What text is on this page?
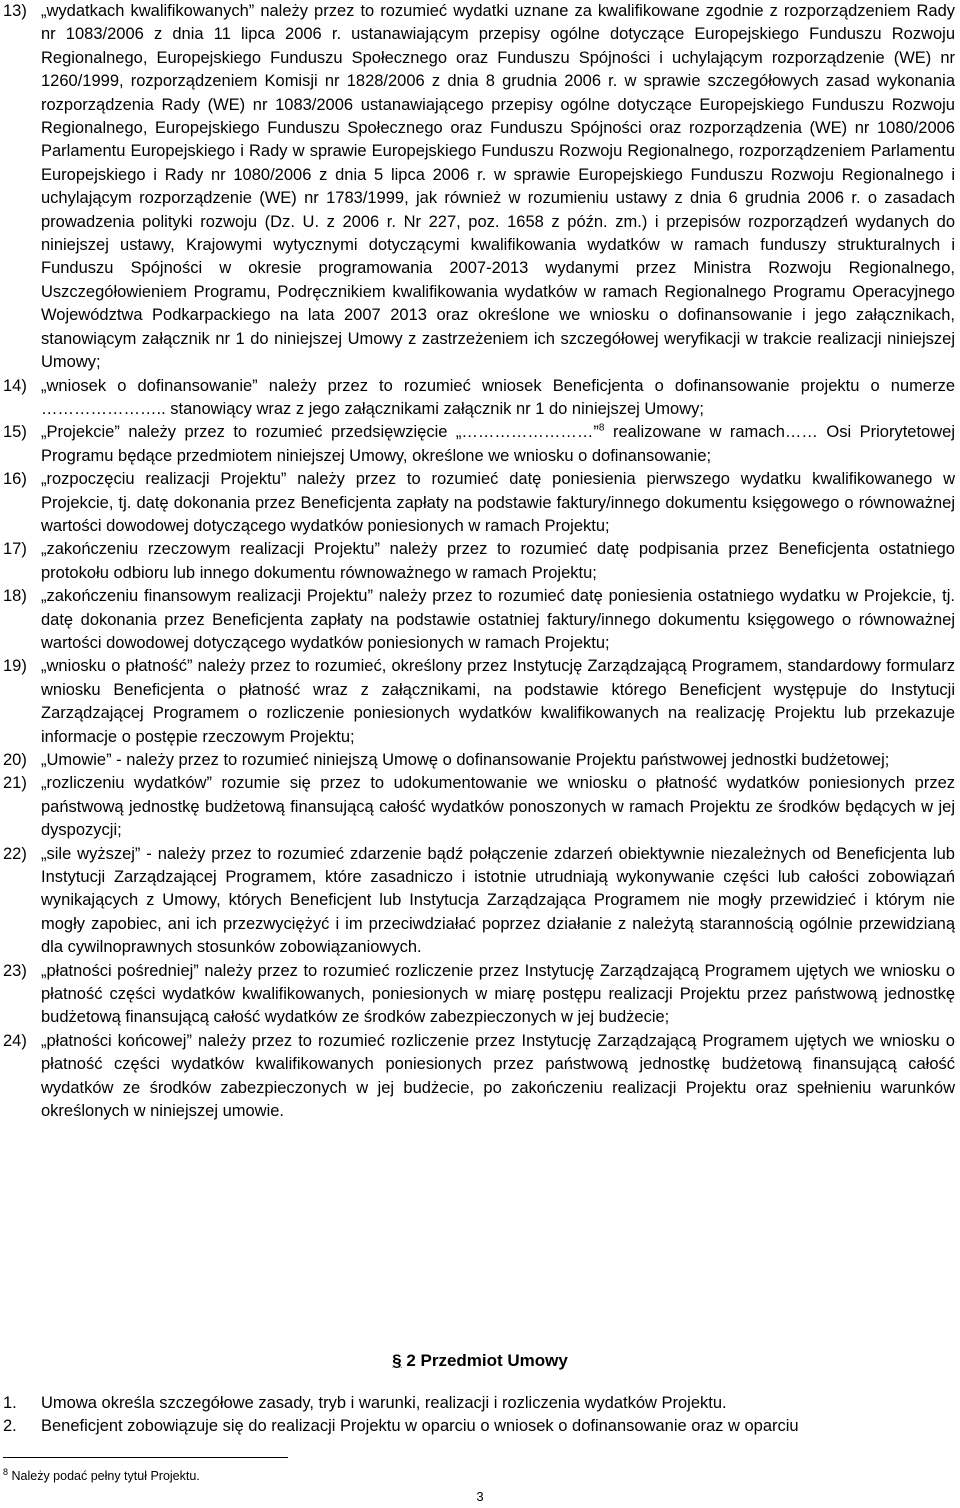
13) „wydatkach kwalifikowanych” należy przez to rozumieć wydatki uznane za kwalifikowane zgodnie z rozporządzeniem Rady nr 1083/2006 z dnia 11 lipca 2006 r. ustanawiającym przepisy ogólne dotyczące Europejskiego Funduszu Rozwoju Regionalnego, Europejskiego Funduszu Społecznego oraz Funduszu Spójności i uchylającym rozporządzenie (WE) nr 1260/1999, rozporządzeniem Komisji nr 1828/2006 z dnia 8 grudnia 2006 r. w sprawie szczegółowych zasad wykonania rozporządzenia Rady (WE) nr 1083/2006 ustanawiającego przepisy ogólne dotyczące Europejskiego Funduszu Rozwoju Regionalnego, Europejskiego Funduszu Społecznego oraz Funduszu Spójności oraz rozporządzenia (WE) nr 1080/2006 Parlamentu Europejskiego i Rady w sprawie Europejskiego Funduszu Rozwoju Regionalnego, rozporządzeniem Parlamentu Europejskiego i Rady nr 1080/2006 z dnia 5 lipca 2006 r. w sprawie Europejskiego Funduszu Rozwoju Regionalnego i uchylającym rozporządzenie (WE) nr 1783/1999, jak również w rozumieniu ustawy z dnia 6 grudnia 2006 r. o zasadach prowadzenia polityki rozwoju (Dz. U. z 2006 r. Nr 227, poz. 1658 z późn. zm.) i przepisów rozporządzeń wydanych do niniejszej ustawy, Krajowymi wytycznymi dotyczącymi kwalifikowania wydatków w ramach funduszy strukturalnych i Funduszu Spójności w okresie programowania 2007-2013 wydanymi przez Ministra Rozwoju Regionalnego, Uszczegółowieniem Programu, Podręcznikiem kwalifikowania wydatków w ramach Regionalnego Programu Operacyjnego Województwa Podkarpackiego na lata 2007 2013 oraz określone we wniosku o dofinansowanie i jego załącznikach, stanowiącym załącznik nr 1 do niniejszej Umowy z zastrzeżeniem ich szczegółowej weryfikacji w trakcie realizacji niniejszej Umowy;
14) „wniosek o dofinansowanie” należy przez to rozumieć wniosek Beneficjenta o dofinansowanie projektu o numerze ………………….. stanowiący wraz z jego załącznikami załącznik nr 1 do niniejszej Umowy;
15) „Projekcie” należy przez to rozumieć przedsięwzięcie „……………………”$^8$ realizowane w ramach…… Osi Priorytetowej Programu będące przedmiotem niniejszej Umowy, określone we wniosku o dofinansowanie;
16) „rozpoczęciu realizacji Projektu” należy przez to rozumieć datę poniesienia pierwszego wydatku kwalifikowanego w Projekcie, tj. datę dokonania przez Beneficjenta zapłaty na podstawie faktury/innego dokumentu księgowego o równoważnej wartości dowodowej dotyczącego wydatków poniesionych w ramach Projektu;
17) „zakończeniu rzeczowym realizacji Projektu” należy przez to rozumieć datę podpisania przez Beneficjenta ostatniego protokołu odbioru lub innego dokumentu równoważnego w ramach Projektu;
18) „zakończeniu finansowym realizacji Projektu” należy przez to rozumieć datę poniesienia ostatniego wydatku w Projekcie, tj. datę dokonania przez Beneficjenta zapłaty na podstawie ostatniej faktury/innego dokumentu księgowego o równoważnej wartości dowodowej dotyczącego wydatków poniesionych w ramach Projektu;
19) „wniosku o płatność” należy przez to rozumieć, określony przez Instytucję Zarządzającą Programem, standardowy formularz wniosku Beneficjenta o płatność wraz z załącznikami, na podstawie którego Beneficjent występuje do Instytucji Zarządzającej Programem o rozliczenie poniesionych wydatków kwalifikowanych na realizację Projektu lub przekazuje informacje o postępie rzeczowym Projektu;
20) „Umowie” - należy przez to rozumieć niniejszą Umowę o dofinansowanie Projektu państwowej jednostki budżetowej;
21) „rozliczeniu wydatków” rozumie się przez to udokumentowanie we wniosku o płatność wydatków poniesionych przez państwową jednostkę budżetową finansującą całość wydatków ponoszonych w ramach Projektu ze środków będących w jej dyspozycji;
22) „sile wyższej” - należy przez to rozumieć zdarzenie bądź połączenie zdarzeń obiektywnie niezależnych od Beneficjenta lub Instytucji Zarządzającej Programem, które zasadniczo i istotnie utrudniają wykonywanie części lub całości zobowiązań wynikających z Umowy, których Beneficjent lub Instytucja Zarządzająca Programem nie mogły przewidzieć i którym nie mogły zapobiec, ani ich przezwyciężyć i im przeciwdziałać poprzez działanie z należytą starannością ogólnie przewidzianą dla cywilnoprawnych stosunków zobowiązaniowych.
23) „płatności pośredniej” należy przez to rozumieć rozliczenie przez Instytucję Zarządzającą Programem ujętych we wniosku o płatność części wydatków kwalifikowanych, poniesionych w miarę postępu realizacji Projektu przez państwową jednostkę budżetową finansującą całość wydatków ze środków zabezpieczonych w jej budżecie;
24) „płatności końcowej” należy przez to rozumieć rozliczenie przez Instytucję Zarządzającą Programem ujętych we wniosku o płatność części wydatków kwalifikowanych poniesionych przez państwową jednostkę budżetową finansującą całość wydatków ze środków zabezpieczonych w jej budżecie, po zakończeniu realizacji Projektu oraz spełnieniu warunków określonych w niniejszej umowie.
§ 2 Przedmiot Umowy
1. Umowa określa szczegółowe zasady, tryb i warunki, realizacji i rozliczenia wydatków Projektu.
2. Beneficjent zobowiązuje się do realizacji Projektu w oparciu o wniosek o dofinansowanie oraz w oparciu
$^8$ Należy podać pełny tytuł Projektu.
3
